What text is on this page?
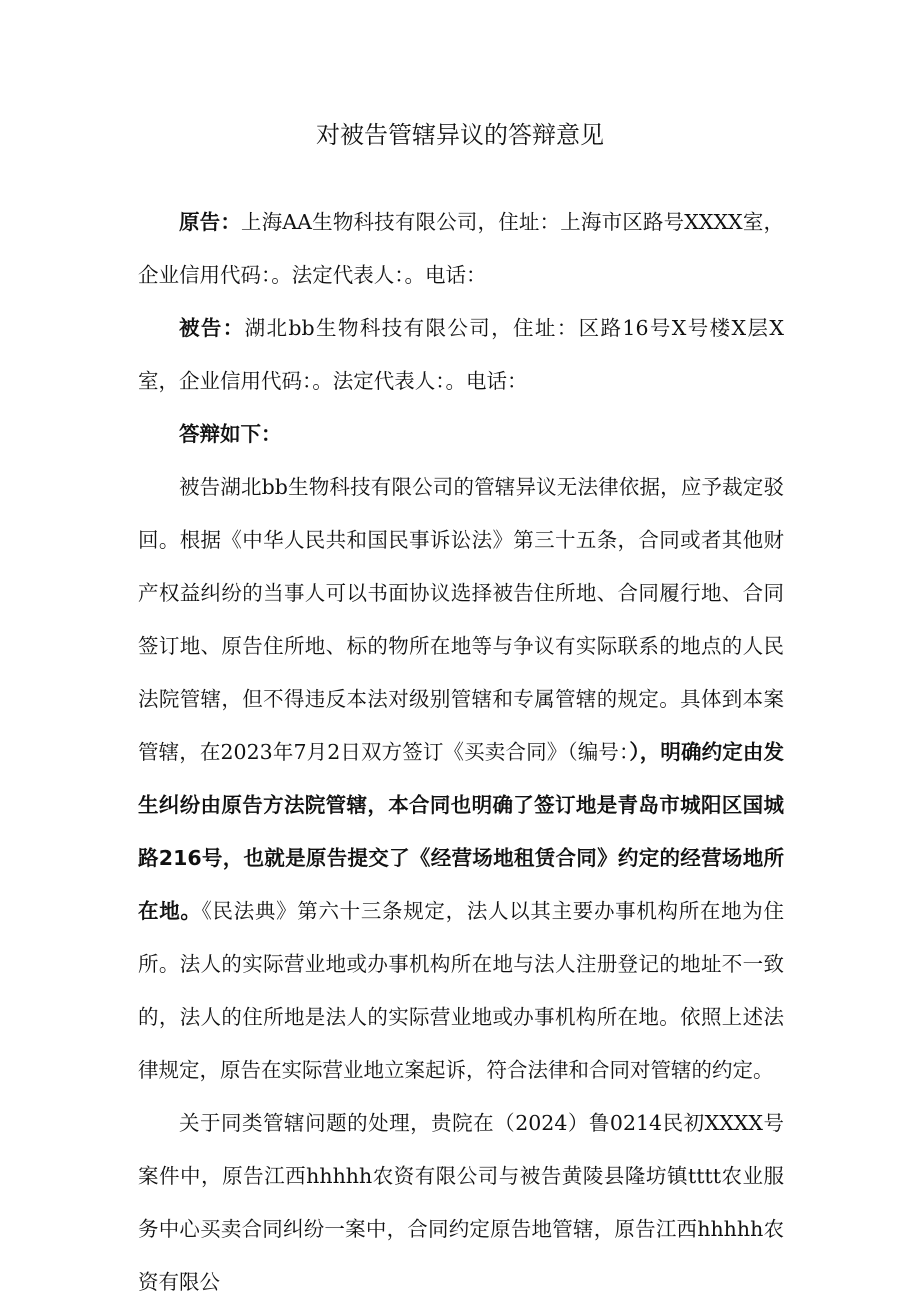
对被告管辖异议的答辩意见

原告：上海AA生物科技有限公司，住址：上海市区路号XXXX室，企业信用代码：。法定代表人：。电话：

被告：湖北bb生物科技有限公司，住址：区路16号X号楼X层X室，企业信用代码：。法定代表人：。电话：

答辩如下：

被告湖北bb生物科技有限公司的管辖异议无法律依据，应予裁定驳回。根据《中华人民共和国民事诉讼法》第三十五条，合同或者其他财产权益纠纷的当事人可以书面协议选择被告住所地、合同履行地、合同签订地、原告住所地、标的物所在地等与争议有实际联系的地点的人民法院管辖，但不得违反本法对级别管辖和专属管辖的规定。具体到本案管辖，在2023年7月2日双方签订《买卖合同》（编号：），明确约定由发生纠纷由原告方法院管辖，本合同也明确了签订地是青岛市城阳区国城路216号，也就是原告提交了《经营场地租赁合同》约定的经营场地所在地。《民法典》第六十三条规定，法人以其主要办事机构所在地为住所。法人的实际营业地或办事机构所在地与法人注册登记的地址不一致的，法人的住所地是法人的实际营业地或办事机构所在地。依照上述法律规定，原告在实际营业地立案起诉，符合法律和合同对管辖的约定。

关于同类管辖问题的处理，贵院在（2024）鲁0214民初XXXX号案件中，原告江西hhhhh农资有限公司与被告黄陵县隆坊镇tttt农业服务中心买卖合同纠纷一案中，合同约定原告地管辖，原告江西hhhhh农资有限公
